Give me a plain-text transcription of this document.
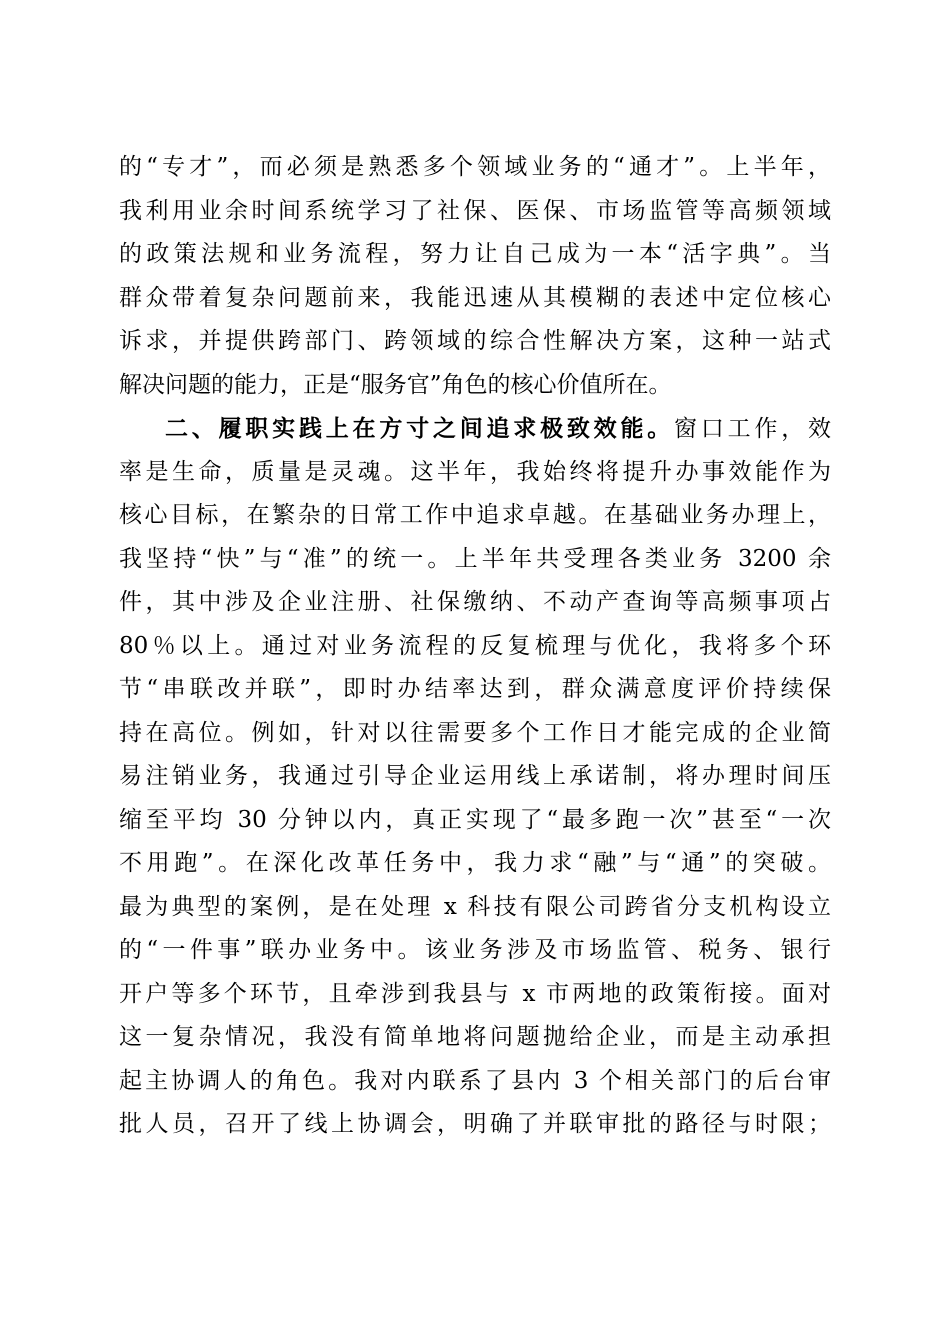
的“专才”，而必须是熟悉多个领域业务的“通才”。上半年，
我利用业余时间系统学习了社保、医保、市场监管等高频领域
的政策法规和业务流程，努力让自己成为一本“活字典”。当
群众带着复杂问题前来，我能迅速从其模糊的表述中定位核心
诉求，并提供跨部门、跨领域的综合性解决方案，这种一站式
解决问题的能力，正是“服务官”角色的核心价值所在。
二、履职实践上在方寸之间追求极致效能。窗口工作，效
率是生命，质量是灵魂。这半年，我始终将提升办事效能作为
核心目标，在繁杂的日常工作中追求卓越。在基础业务办理上，
我坚持“快”与“准”的统一。上半年共受理各类业务 3200 余
件，其中涉及企业注册、社保缴纳、不动产查询等高频事项占
80％以上。通过对业务流程的反复梳理与优化，我将多个环
节“串联改并联”，即时办结率达到，群众满意度评价持续保
持在高位。例如，针对以往需要多个工作日才能完成的企业简
易注销业务，我通过引导企业运用线上承诺制，将办理时间压
缩至平均 30 分钟以内，真正实现了“最多跑一次”甚至“一次
不用跑”。在深化改革任务中，我力求“融”与“通”的突破。
最为典型的案例，是在处理 x 科技有限公司跨省分支机构设立
的“一件事”联办业务中。该业务涉及市场监管、税务、银行
开户等多个环节，且牵涉到我县与 x 市两地的政策衔接。面对
这一复杂情况，我没有简单地将问题抛给企业，而是主动承担
起主协调人的角色。我对内联系了县内 3 个相关部门的后台审
批人员，召开了线上协调会，明确了并联审批的路径与时限；
